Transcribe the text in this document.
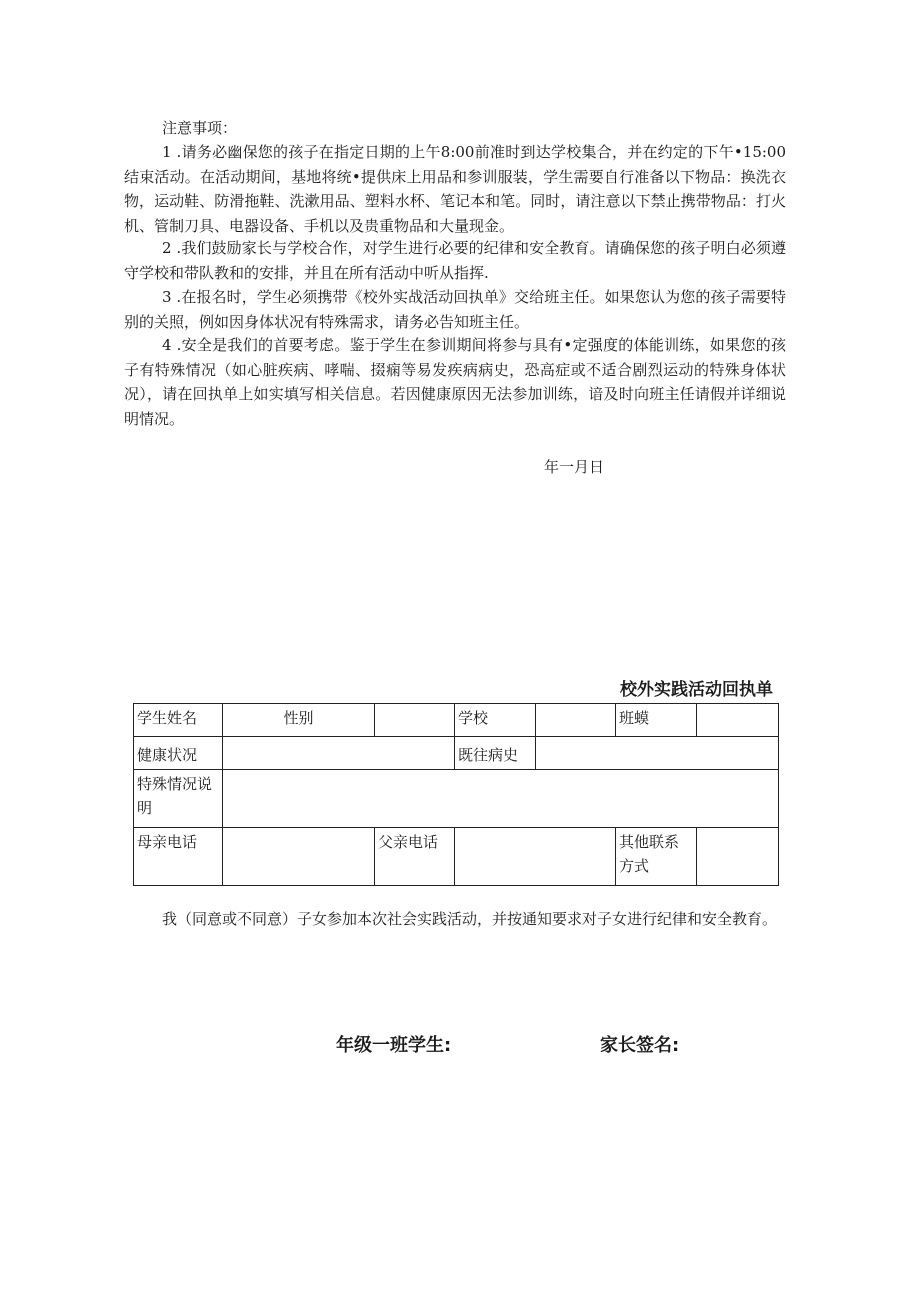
注意事项：

1 .请务必幽保您的孩子在指定日期的上午8:00前准时到达学校集合，并在约定的下午•15:00结束活动。在活动期间，基地将统•提供床上用品和参训服装，学生需要自行准备以下物品：换洗衣物，运动鞋、防滑拖鞋、洗漱用品、塑料水杯、笔记本和笔。同时，请注意以下禁止携带物品：打火机、管制刀具、电器设备、手机以及贵重物品和大量现金。

2 .我们鼓励家长与学校合作，对学生进行必要的纪律和安全教育。请确保您的孩子明白必须遵守学校和带队教和的安排，并且在所有活动中听从指挥.

3 .在报名时，学生必须携带《校外实战活动回执单》交给班主任。如果您认为您的孩子需要特别的关照，例如因身体状况有特殊需求，请务必告知班主任。

4 .安全是我们的首要考虑。鉴于学生在参训期间将参与具有•定强度的体能训练，如果您的孩子有特殊情况（如心脏疾病、哮喘、掇痫等易发疾病病史，恐高症或不适合剧烈运动的特殊身体状况），请在回执单上如实填写相关信息。若因健康原因无法参加训练，谙及时向班主任请假并详细说明情况。

年一月日
校外实践活动回执单
学生姓名	性别		学校		班蟆	
健康状况			既往病史			
特殊情况说明						
母亲电话		父亲电话			其他联系方式	

我（同意或不同意）子女参加本次社会实践活动，并按通知要求对子女进行纪律和安全教育。

年级一班学生:	家长签名:
